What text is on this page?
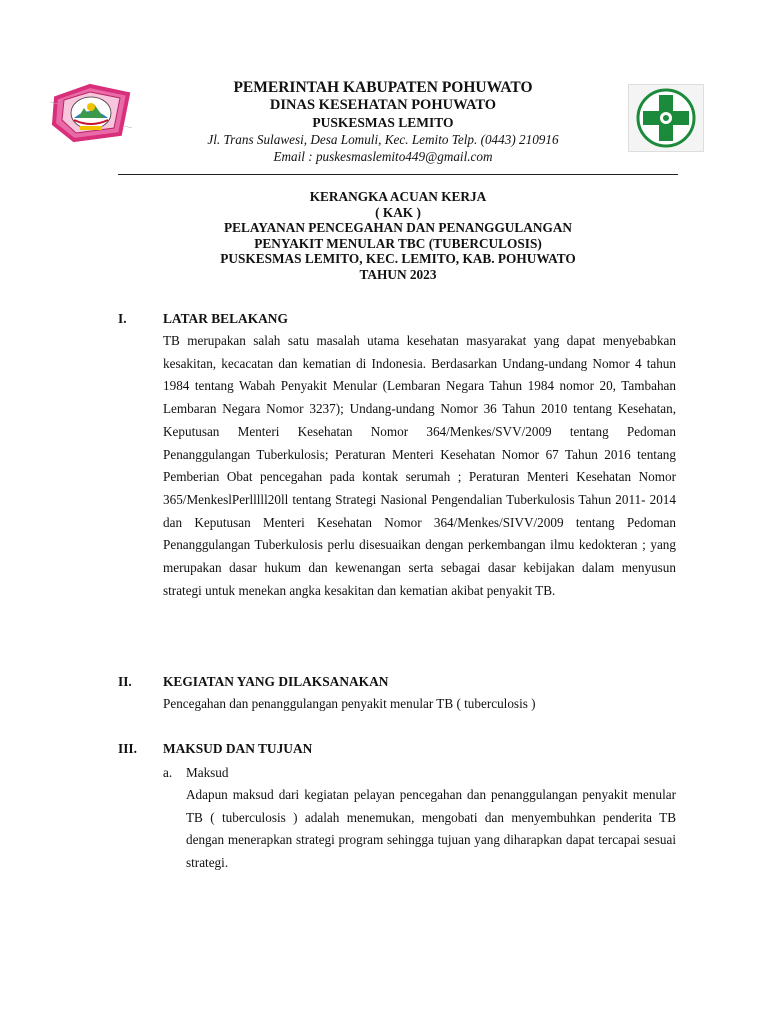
PEMERINTAH KABUPATEN POHUWATO
DINAS KESEHATAN POHUWATO
PUSKESMAS LEMITO
Jl. Trans Sulawesi, Desa Lomuli, Kec. Lemito Telp. (0443) 210916
Email : puskesmaslemito449@gmail.com
KERANGKA ACUAN KERJA
( KAK )
PELAYANAN PENCEGAHAN DAN PENANGGULANGAN
PENYAKIT MENULAR TBC (TUBERCULOSIS)
PUSKESMAS LEMITO, KEC. LEMITO, KAB. POHUWATO
TAHUN 2023
I.	LATAR BELAKANG
TB merupakan salah satu masalah utama kesehatan masyarakat yang dapat menyebabkan kesakitan, kecacatan dan kematian di Indonesia. Berdasarkan Undang-undang Nomor 4 tahun 1984 tentang Wabah Penyakit Menular (Lembaran Negara Tahun 1984 nomor 20, Tambahan Lembaran Negara Nomor 3237); Undang-undang Nomor 36 Tahun 2010 tentang Kesehatan, Keputusan Menteri Kesehatan Nomor 364/Menkes/SVV/2009 tentang Pedoman Penanggulangan Tuberkulosis; Peraturan Menteri Kesehatan Nomor 67 Tahun 2016 tentang Pemberian Obat pencegahan pada kontak serumah ; Peraturan Menteri Kesehatan Nomor 365/MenkeslPerlllll20ll tentang Strategi Nasional Pengendalian Tuberkulosis Tahun 2011- 2014 dan Keputusan Menteri Kesehatan Nomor 364/Menkes/SIVV/2009 tentang Pedoman Penanggulangan Tuberkulosis perlu disesuaikan dengan perkembangan ilmu kedokteran ; yang merupakan dasar hukum dan kewenangan serta sebagai dasar kebijakan dalam menyusun strategi untuk menekan angka kesakitan dan kematian akibat penyakit TB.
II. KEGIATAN YANG DILAKSANAKAN
Pencegahan dan penanggulangan penyakit menular TB ( tuberculosis )
III. MAKSUD DAN TUJUAN
a. Maksud
Adapun maksud dari kegiatan pelayan pencegahan dan penanggulangan penyakit menular TB ( tuberculosis ) adalah menemukan, mengobati dan menyembuhkan penderita TB dengan menerapkan strategi program sehingga tujuan yang diharapkan dapat tercapai sesuai strategi.
